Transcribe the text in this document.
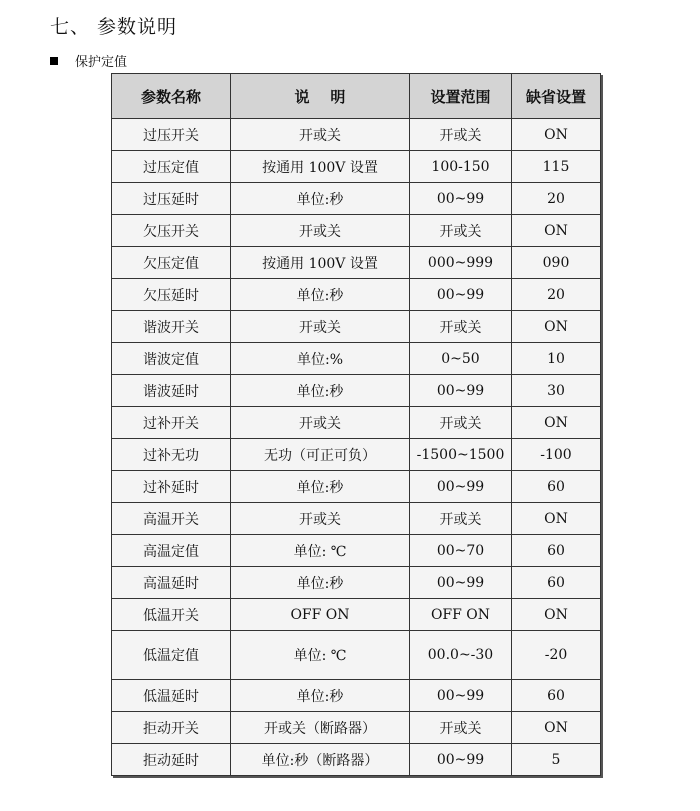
七、 参数说明
保护定值
参数名称	说    明	设置范围	缺省设置
过压开关	开或关	开或关	ON
过压定值	按通用 100V 设置	100-150	115
过压延时	单位:秒	00~99	20
欠压开关	开或关	开或关	ON
欠压定值	按通用 100V 设置	000~999	090
欠压延时	单位:秒	00~99	20
谐波开关	开或关	开或关	ON
谐波定值	单位:%	0~50	10
谐波延时	单位:秒	00~99	30
过补开关	开或关	开或关	ON
过补无功	无功（可正可负）	-1500~1500	-100
过补延时	单位:秒	00~99	60
高温开关	开或关	开或关	ON
高温定值	单位: ℃	00~70	60
高温延时	单位:秒	00~99	60
低温开关	OFF ON	OFF ON	ON
低温定值	单位: ℃	00.0~-30	-20
低温延时	单位:秒	00~99	60
拒动开关	开或关（断路器）	开或关	ON
拒动延时	单位:秒（断路器）	00~99	5
